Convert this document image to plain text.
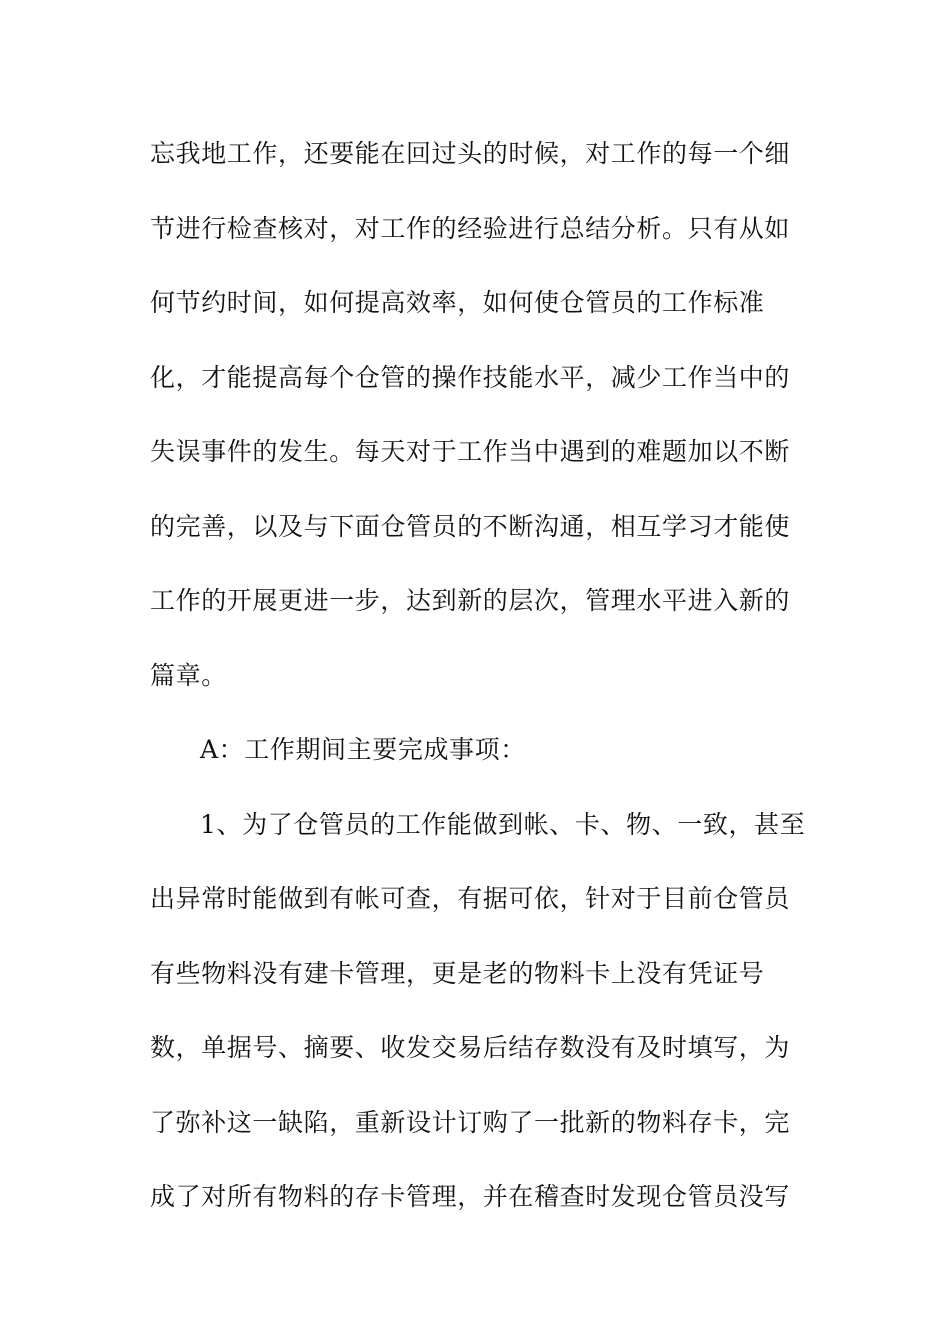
忘我地工作，还要能在回过头的时候，对工作的每一个细
节进行检查核对，对工作的经验进行总结分析。只有从如
何节约时间，如何提高效率，如何使仓管员的工作标准
化，才能提高每个仓管的操作技能水平，减少工作当中的
失误事件的发生。每天对于工作当中遇到的难题加以不断
的完善，以及与下面仓管员的不断沟通，相互学习才能使
工作的开展更进一步，达到新的层次，管理水平进入新的
篇章。
A：工作期间主要完成事项：
1、为了仓管员的工作能做到帐、卡、物、一致，甚至
出异常时能做到有帐可查，有据可依，针对于目前仓管员
有些物料没有建卡管理，更是老的物料卡上没有凭证号
数，单据号、摘要、收发交易后结存数没有及时填写，为
了弥补这一缺陷，重新设计订购了一批新的物料存卡，完
成了对所有物料的存卡管理，并在稽查时发现仓管员没写
